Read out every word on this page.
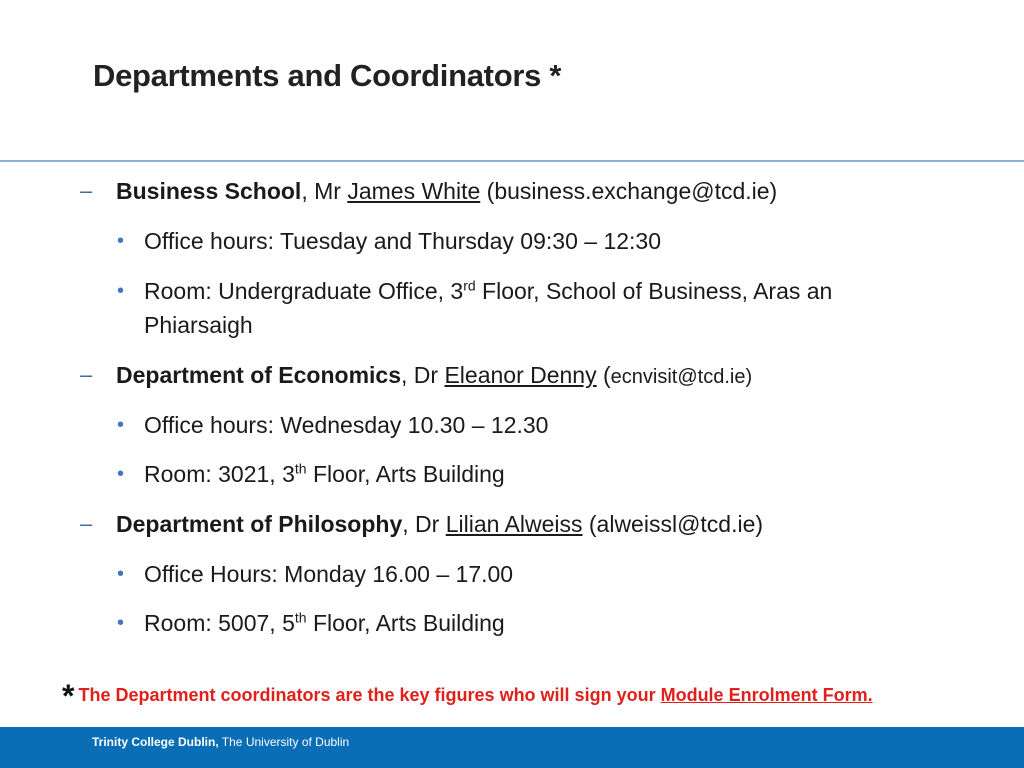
Departments and Coordinators *
– Business School, Mr James White (business.exchange@tcd.ie)
• Office hours: Tuesday and Thursday 09:30 – 12:30
• Room: Undergraduate Office, 3rd Floor, School of Business, Aras an
Phiarsaigh
– Department of Economics, Dr Eleanor Denny (ecnvisit@tcd.ie)
• Office hours: Wednesday 10.30 – 12.30
• Room: 3021, 3th Floor, Arts Building
– Department of Philosophy, Dr Lilian Alweiss (alweissl@tcd.ie)
• Office Hours: Monday 16.00 – 17.00
• Room: 5007, 5th Floor, Arts Building
* The Department coordinators are the key figures who will sign your Module Enrolment Form.
Trinity College Dublin, The University of Dublin
